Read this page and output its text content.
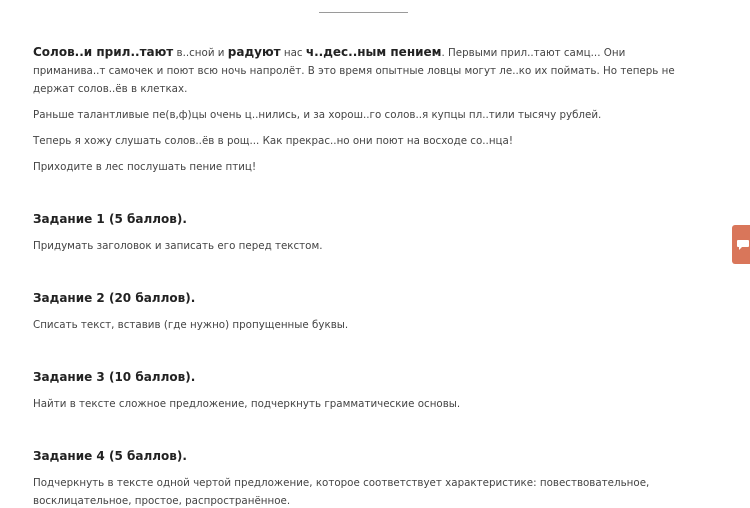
Солов..и прил..тают в..сной и радуют нас ч..дес..ным пением. Первыми прил..тают самц... Они приманива..т самочек и поют всю ночь напролёт. В это время опытные ловцы могут ле..ко их поймать. Но теперь не держат солов..ёв в клетках.

Раньше талантливые пе(в,ф)цы очень ц..нились, и за хорош..го солов..я купцы пл..тили тысячу рублей.

Теперь я хожу слушать солов..ёв в рощ... Как прекрас..но они поют на восходе со..нца!

Приходите в лес послушать пение птиц!

Задание 1 (5 баллов).

Придумать заголовок и записать его перед текстом.

Задание 2 (20 баллов).

Списать текст, вставив (где нужно) пропущенные буквы.

Задание 3 (10 баллов).

Найти в тексте сложное предложение, подчеркнуть грамматические основы.

Задание 4 (5 баллов).

Подчеркнуть в тексте одной чертой предложение, которое соответствует характеристике: повествовательное, восклицательное, простое, распространённое.
